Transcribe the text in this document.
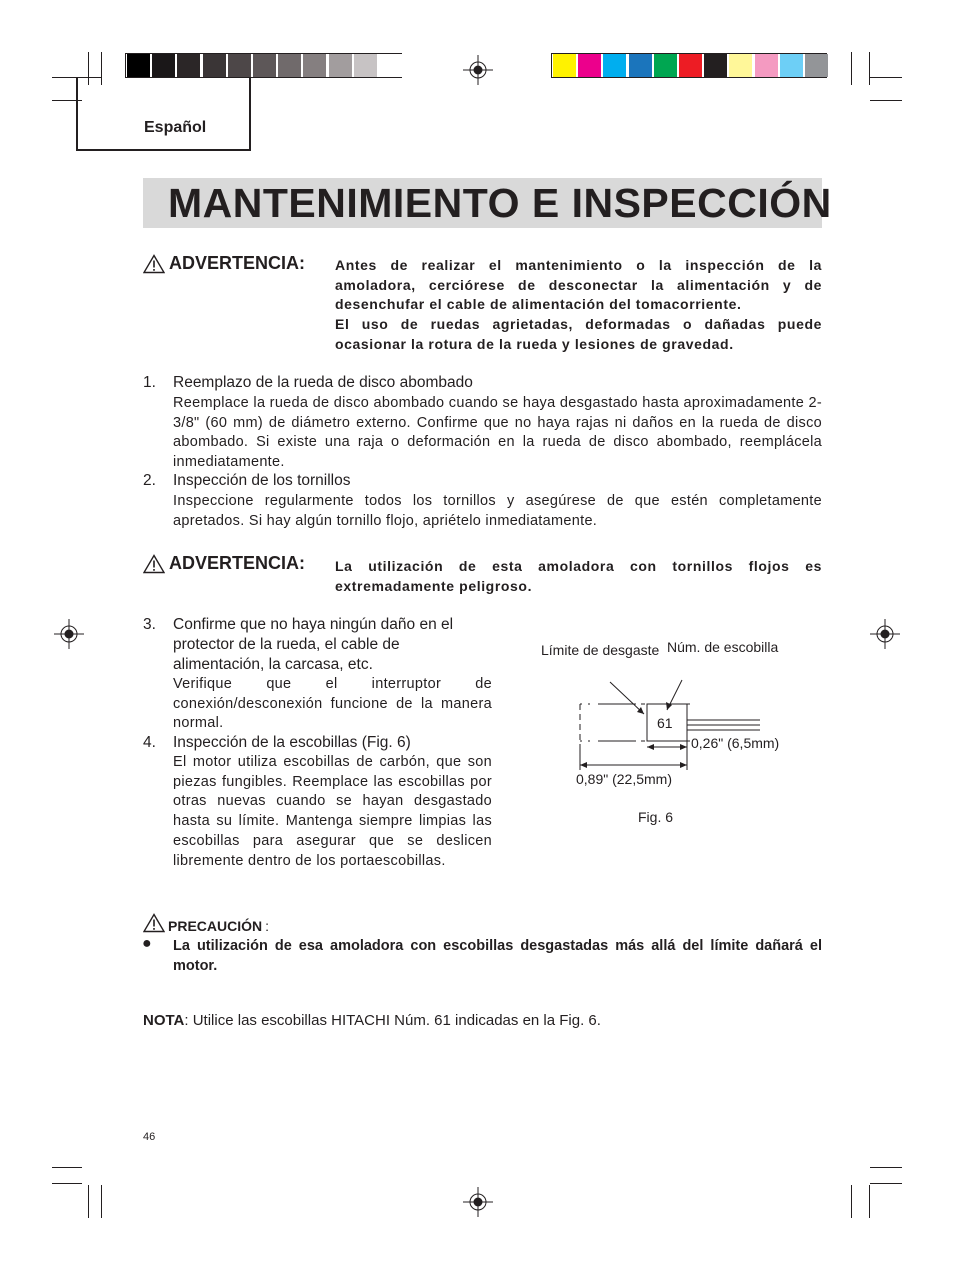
Español
MANTENIMIENTO E INSPECCIÓN
ADVERTENCIA: Antes de realizar el mantenimiento o la inspección de la amoladora, cerciórese de desconectar la alimentación y de desenchufar el cable de alimentación del tomacorriente.
El uso de ruedas agrietadas, deformadas o dañadas puede ocasionar la rotura de la rueda y lesiones de gravedad.
1. Reemplazo de la rueda de disco abombado
Reemplace la rueda de disco abombado cuando se haya desgastado hasta aproximadamente 2-3/8" (60 mm) de diámetro externo. Confirme que no haya rajas ni daños en la rueda de disco abombado. Si existe una raja o deformación en la rueda de disco abombado, reemplácela inmediatamente.
2. Inspección de los tornillos
Inspeccione regularmente todos los tornillos y asegúrese de que estén completamente apretados. Si hay algún tornillo flojo, apriételo inmediatamente.
ADVERTENCIA: La utilización de esta amoladora con tornillos flojos es extremadamente peligroso.
3. Confirme que no haya ningún daño en el protector de la rueda, el cable de alimentación, la carcasa, etc.
Verifique que el interruptor de conexión/desconexión funcione de la manera normal.
4. Inspección de la escobillas (Fig. 6)
El motor utiliza escobillas de carbón, que son piezas fungibles. Reemplace las escobillas por otras nuevas cuando se hayan desgastado hasta su límite. Mantenga siempre limpias las escobillas para asegurar que se deslicen libremente dentro de los portaescobillas.
Límite de desgaste Núm. de escobilla
61
0,26" (6,5mm)
0,89" (22,5mm)
Fig. 6
PRECAUCIÓN :
● La utilización de esa amoladora con escobillas desgastadas más allá del límite dañará el motor.
NOTA: Utilice las escobillas HITACHI Núm. 61 indicadas en la Fig. 6.
46
